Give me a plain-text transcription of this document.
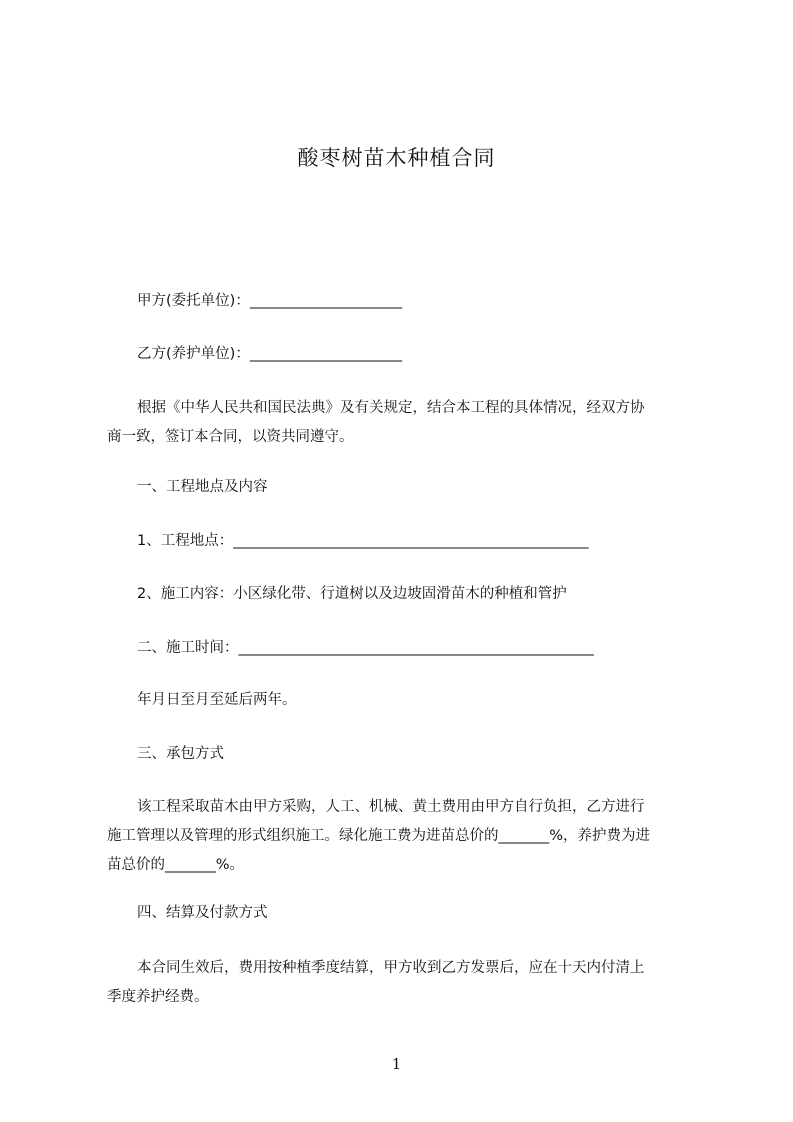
酸枣树苗木种植合同
甲方(委托单位)：_____________________
乙方(养护单位)：_____________________
根据《中华人民共和国民法典》及有关规定，结合本工程的具体情况，经双方协
商一致，签订本合同，以资共同遵守。
一、工程地点及内容
1、工程地点：_________________________________________________
2、施工内容：小区绿化带、行道树以及边坡固滑苗木的种植和管护
二、施工时间：_________________________________________________
年月日至月至延后两年。
三、承包方式
该工程采取苗木由甲方采购，人工、机械、黄土费用由甲方自行负担，乙方进行
施工管理以及管理的形式组织施工。绿化施工费为进苗总价的_______%，养护费为进
苗总价的_______%。
四、结算及付款方式
本合同生效后，费用按种植季度结算，甲方收到乙方发票后，应在十天内付清上
季度养护经费。
1
